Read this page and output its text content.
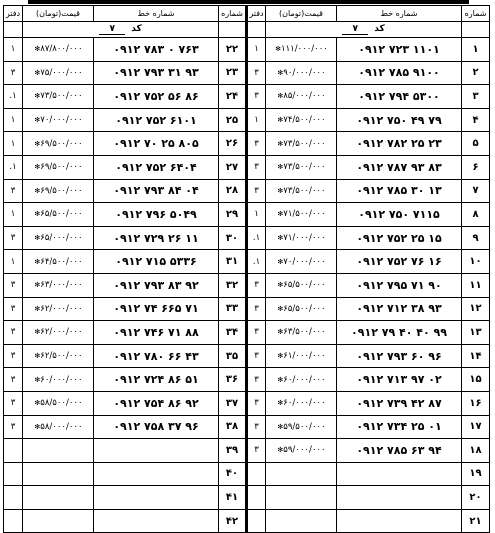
شماره	شماره خط	قیمت(تومان)	دفتر	شماره	شماره خط	قیمت(تومان)	دفتر
	کد۷				کد۷		
۱	۰۹۱۲ ۷۲۳ ۱۱۰۱	۱۱۱/۰۰۰/۰۰۰✻	۱	۲۲	۰۹۱۲ ۷۸۳ ۰ ۷۶۳	۸۷/۸۰۰/۰۰۰✻	۱
۲	۰۹۱۲ ۷۸۵ ۹۱۰۰	۹۰/۰۰۰/۰۰۰✻	۳	۲۳	۰۹۱۲ ۷۹۳ ۳۱ ۹۳	۷۵/۰۰۰/۰۰۰✻	۳
۳	۰۹۱۲ ۷۹۴ ۵۳۰۰	۸۵/۰۰۰/۰۰۰✻	۳	۲۴	۰۹۱۲ ۷۵۲ ۵۶ ۸۶	۷۳/۵۰۰/۰۰۰✻	۱.
۴	۰۹۱۲ ۷۵۰ ۴۹ ۷۹	۷۴/۵۰۰/۰۰۰✻	۱	۲۵	۰۹۱۲ ۷۵۲ ۶۱۰۱	۷۰/۰۰۰/۰۰۰✻	۱
۵	۰۹۱۲ ۷۸۲ ۲۵ ۲۳	۷۳/۵۰۰/۰۰۰✻	۳	۲۶	۰۹۱۲ ۷۰ ۲۵ ۸۰۵	۶۹/۵۰۰/۰۰۰✻	۱
۶	۰۹۱۲ ۷۸۷ ۹۳ ۸۳	۷۳/۵۰۰/۰۰۰✻	۳	۲۷	۰۹۱۲ ۷۵۲ ۶۴۰۴	۶۹/۵۰۰/۰۰۰✻	۱.
۷	۰۹۱۲ ۷۸۵ ۳۰ ۱۳	۷۳/۵۰۰/۰۰۰✻	۳	۲۸	۰۹۱۲ ۷۹۳ ۸۴ ۰۴	۶۹/۵۰۰/۰۰۰✻	۳
۸	۰۹۱۲ ۷۵۰ ۷۱۱۵	۷۱/۵۰۰/۰۰۰✻	۱	۲۹	۰۹۱۲ ۷۹۶ ۵۰۴۹	۶۵/۵۰۰/۰۰۰✻	۱
۹	۰۹۱۲ ۷۵۲ ۲۵ ۱۵	۷۱/۰۰۰/۰۰۰✻	۱.	۳۰	۰۹۱۲ ۷۲۹ ۲۶ ۱۱	۶۵/۰۰۰/۰۰۰✻	۳
۱۰	۰۹۱۲ ۷۵۲ ۷۶ ۱۶	۷۰/۰۰۰/۰۰۰✻	۱.	۳۱	۰۹۱۲ ۷۱۵ ۵۳۳۶	۶۴/۵۰۰/۰۰۰✻	۱
۱۱	۰۹۱۲ ۷۹۵ ۷۱ ۹۰	۶۵/۵۰۰/۰۰۰✻	۳	۳۲	۰۹۱۲ ۷۹۳ ۸۳ ۹۲	۶۳/۰۰۰/۰۰۰✻	۳
۱۲	۰۹۱۲ ۷۱۲ ۳۸ ۹۳	۶۵/۵۰۰/۰۰۰✻	۳	۳۳	۰۹۱۲ ۷۴ ۶۶۵ ۷۱	۶۲/۰۰۰/۰۰۰✻	۳
۱۳	۰۹۱۲ ۷۹ ۴۰ ۴۰ ۹۹	۶۳/۵۰۰/۰۰۰✻	۳	۳۴	۰۹۱۲ ۷۴۶ ۷۱ ۸۸	۶۲/۰۰۰/۰۰۰✻	۳
۱۴	۰۹۱۲ ۷۹۳ ۶۰ ۹۶	۶۱/۰۰۰/۰۰۰✻	۳	۳۵	۰۹۱۲ ۷۸۰ ۶۶ ۴۳	۶۲/۵۰۰/۰۰۰✻	۳
۱۵	۰۹۱۲ ۷۱۳ ۹۷ ۰۲	۶۰/۰۰۰/۰۰۰✻	۳	۳۶	۰۹۱۲ ۷۲۴ ۸۶ ۵۱	۶۰/۰۰۰/۰۰۰✻	۳
۱۶	۰۹۱۲ ۷۳۹ ۴۲ ۸۷	۶۰/۰۰۰/۰۰۰✻	۳	۳۷	۰۹۱۲ ۷۵۴ ۸۶ ۹۲	۵۸/۵۰۰/۰۰۰✻	۳
۱۷	۰۹۱۲ ۷۳۴ ۲۵ ۰۱	۵۹/۵۰۰/۰۰۰✻	۳	۳۸	۰۹۱۲ ۷۵۸ ۳۷ ۹۶	۵۸/۰۰۰/۰۰۰✻	۳
۱۸	۰۹۱۲ ۷۸۵ ۶۳ ۹۴	۵۹/۰۰۰/۰۰۰✻	۳	۳۹			
۱۹				۴۰			
۲۰				۴۱			
۲۱				۴۲			
